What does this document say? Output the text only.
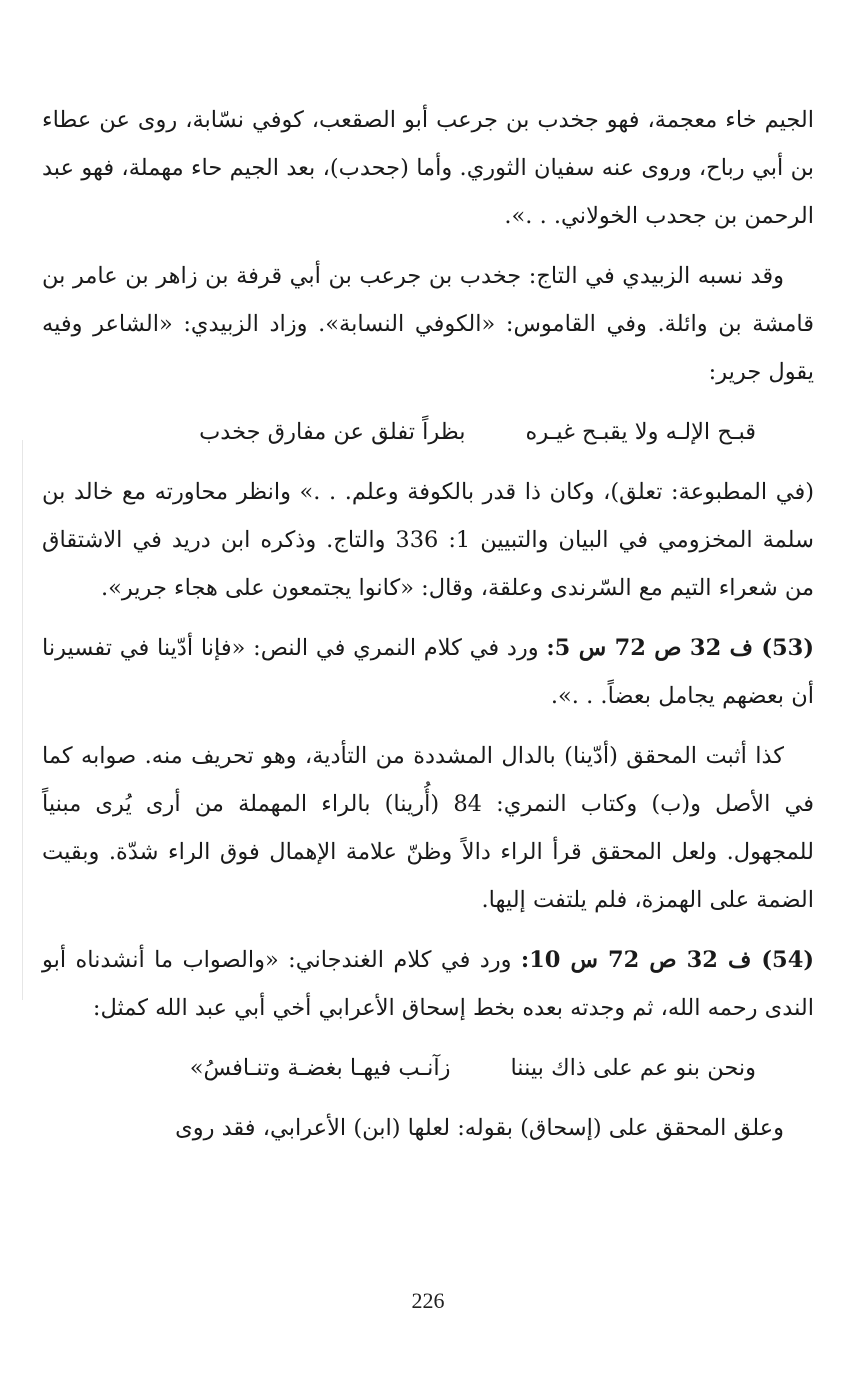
الجيم خاء معجمة، فهو جخدب بن جرعب أبو الصقعب، كوفي نسّابة، روى عن عطاء بن أبي رباح، وروى عنه سفيان الثوري. وأما (جحدب)، بعد الجيم حاء مهملة، فهو عبد الرحمن بن جحدب الخولاني. . .».

وقد نسبه الزبيدي في التاج: جخدب بن جرعب بن أبي قرفة بن زاهر بن عامر بن قامشة بن وائلة. وفي القاموس: «الكوفي النسابة». وزاد الزبيدي: «الشاعر وفيه يقول جرير:

قبـح الإلـه ولا يقبـح غيـره
بظراً تفلق عن مفارق جخدب

(في المطبوعة: تعلق)، وكان ذا قدر بالكوفة وعلم. . .» وانظر محاورته مع خالد بن سلمة المخزومي في البيان والتبيين 1: 336 والتاج. وذكره ابن دريد في الاشتقاق من شعراء التيم مع السّرندى وعلقة، وقال: «كانوا يجتمعون على هجاء جرير».

(53) ف 32 ص 72 س 5: ورد في كلام النمري في النص: «فإنا أدّينا في تفسيرنا أن بعضهم يجامل بعضاً. . .».

كذا أثبت المحقق (أدّينا) بالدال المشددة من التأدية، وهو تحريف منه. صوابه كما في الأصل و(ب) وكتاب النمري: 84 (أُرينا) بالراء المهملة من أرى يُرى مبنياً للمجهول. ولعل المحقق قرأ الراء دالاً وظنّ علامة الإهمال فوق الراء شدّة. وبقيت الضمة على الهمزة، فلم يلتفت إليها.

(54) ف 32 ص 72 س 10: ورد في كلام الغندجاني: «والصواب ما أنشدناه أبو الندى رحمه الله، ثم وجدته بعده بخط إسحاق الأعرابي أخي أبي عبد الله كمثل:

ونحن بنو عم على ذاك بيننا
زآنـب فيهـا بغضـة وتنـافسُ»

وعلق المحقق على (إسحاق) بقوله: لعلها (ابن) الأعرابي، فقد روى

226
